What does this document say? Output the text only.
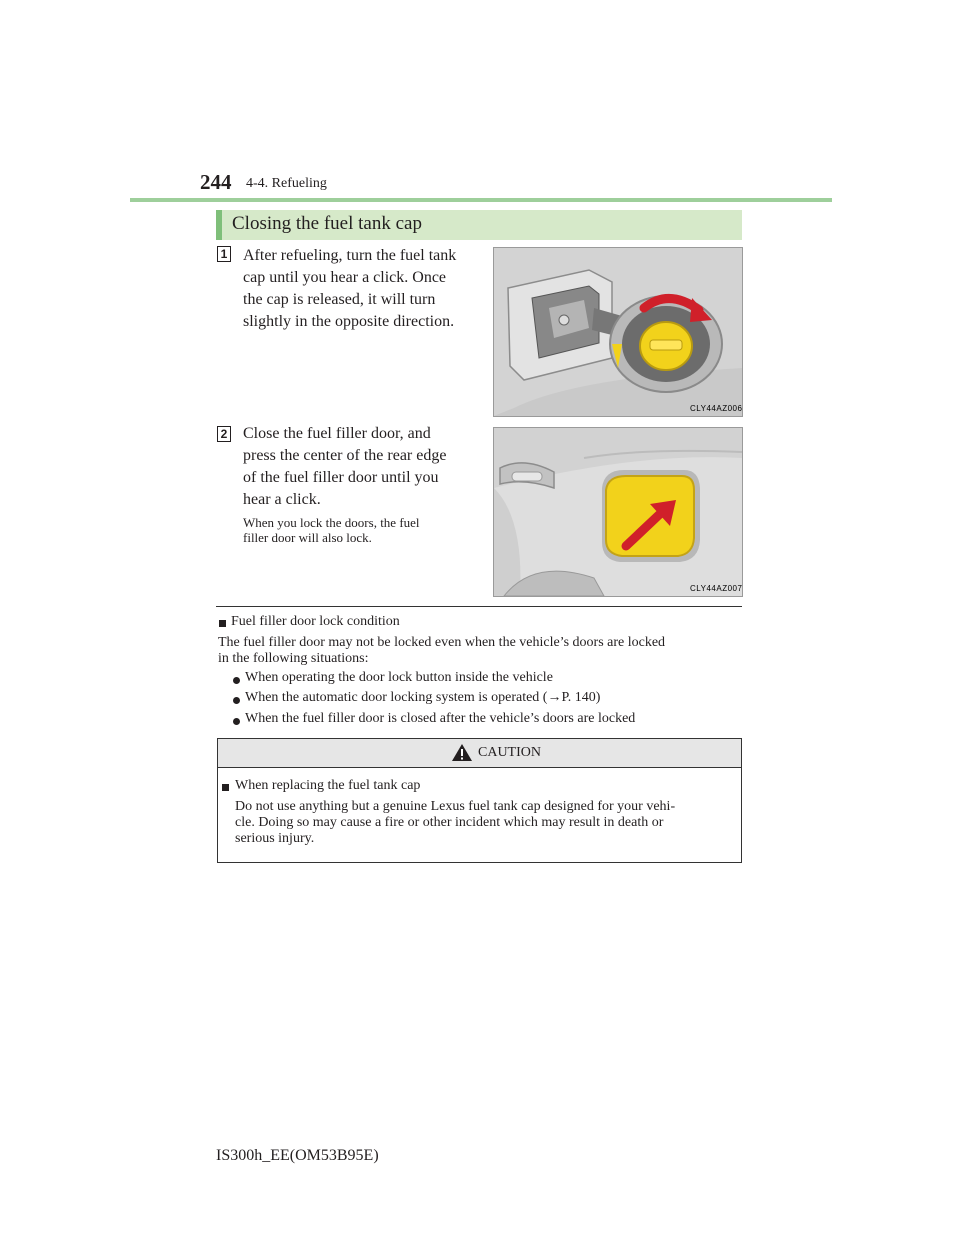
244 4-4. Refueling
Closing the fuel tank cap
1 After refueling, turn the fuel tank
cap until you hear a click. Once
the cap is released, it will turn
slightly in the opposite direction.
CLY44AZ006
2 Close the fuel filler door, and
press the center of the rear edge
of the fuel filler door until you
hear a click.
When you lock the doors, the fuel
filler door will also lock.
CLY44AZ007
Fuel filler door lock condition
The fuel filler door may not be locked even when the vehicle’s doors are locked
in the following situations:
When operating the door lock button inside the vehicle
When the automatic door locking system is operated (→P. 140)
When the fuel filler door is closed after the vehicle’s doors are locked
CAUTION
When replacing the fuel tank cap
Do not use anything but a genuine Lexus fuel tank cap designed for your vehi-
cle. Doing so may cause a fire or other incident which may result in death or
serious injury.
IS300h_EE(OM53B95E)
